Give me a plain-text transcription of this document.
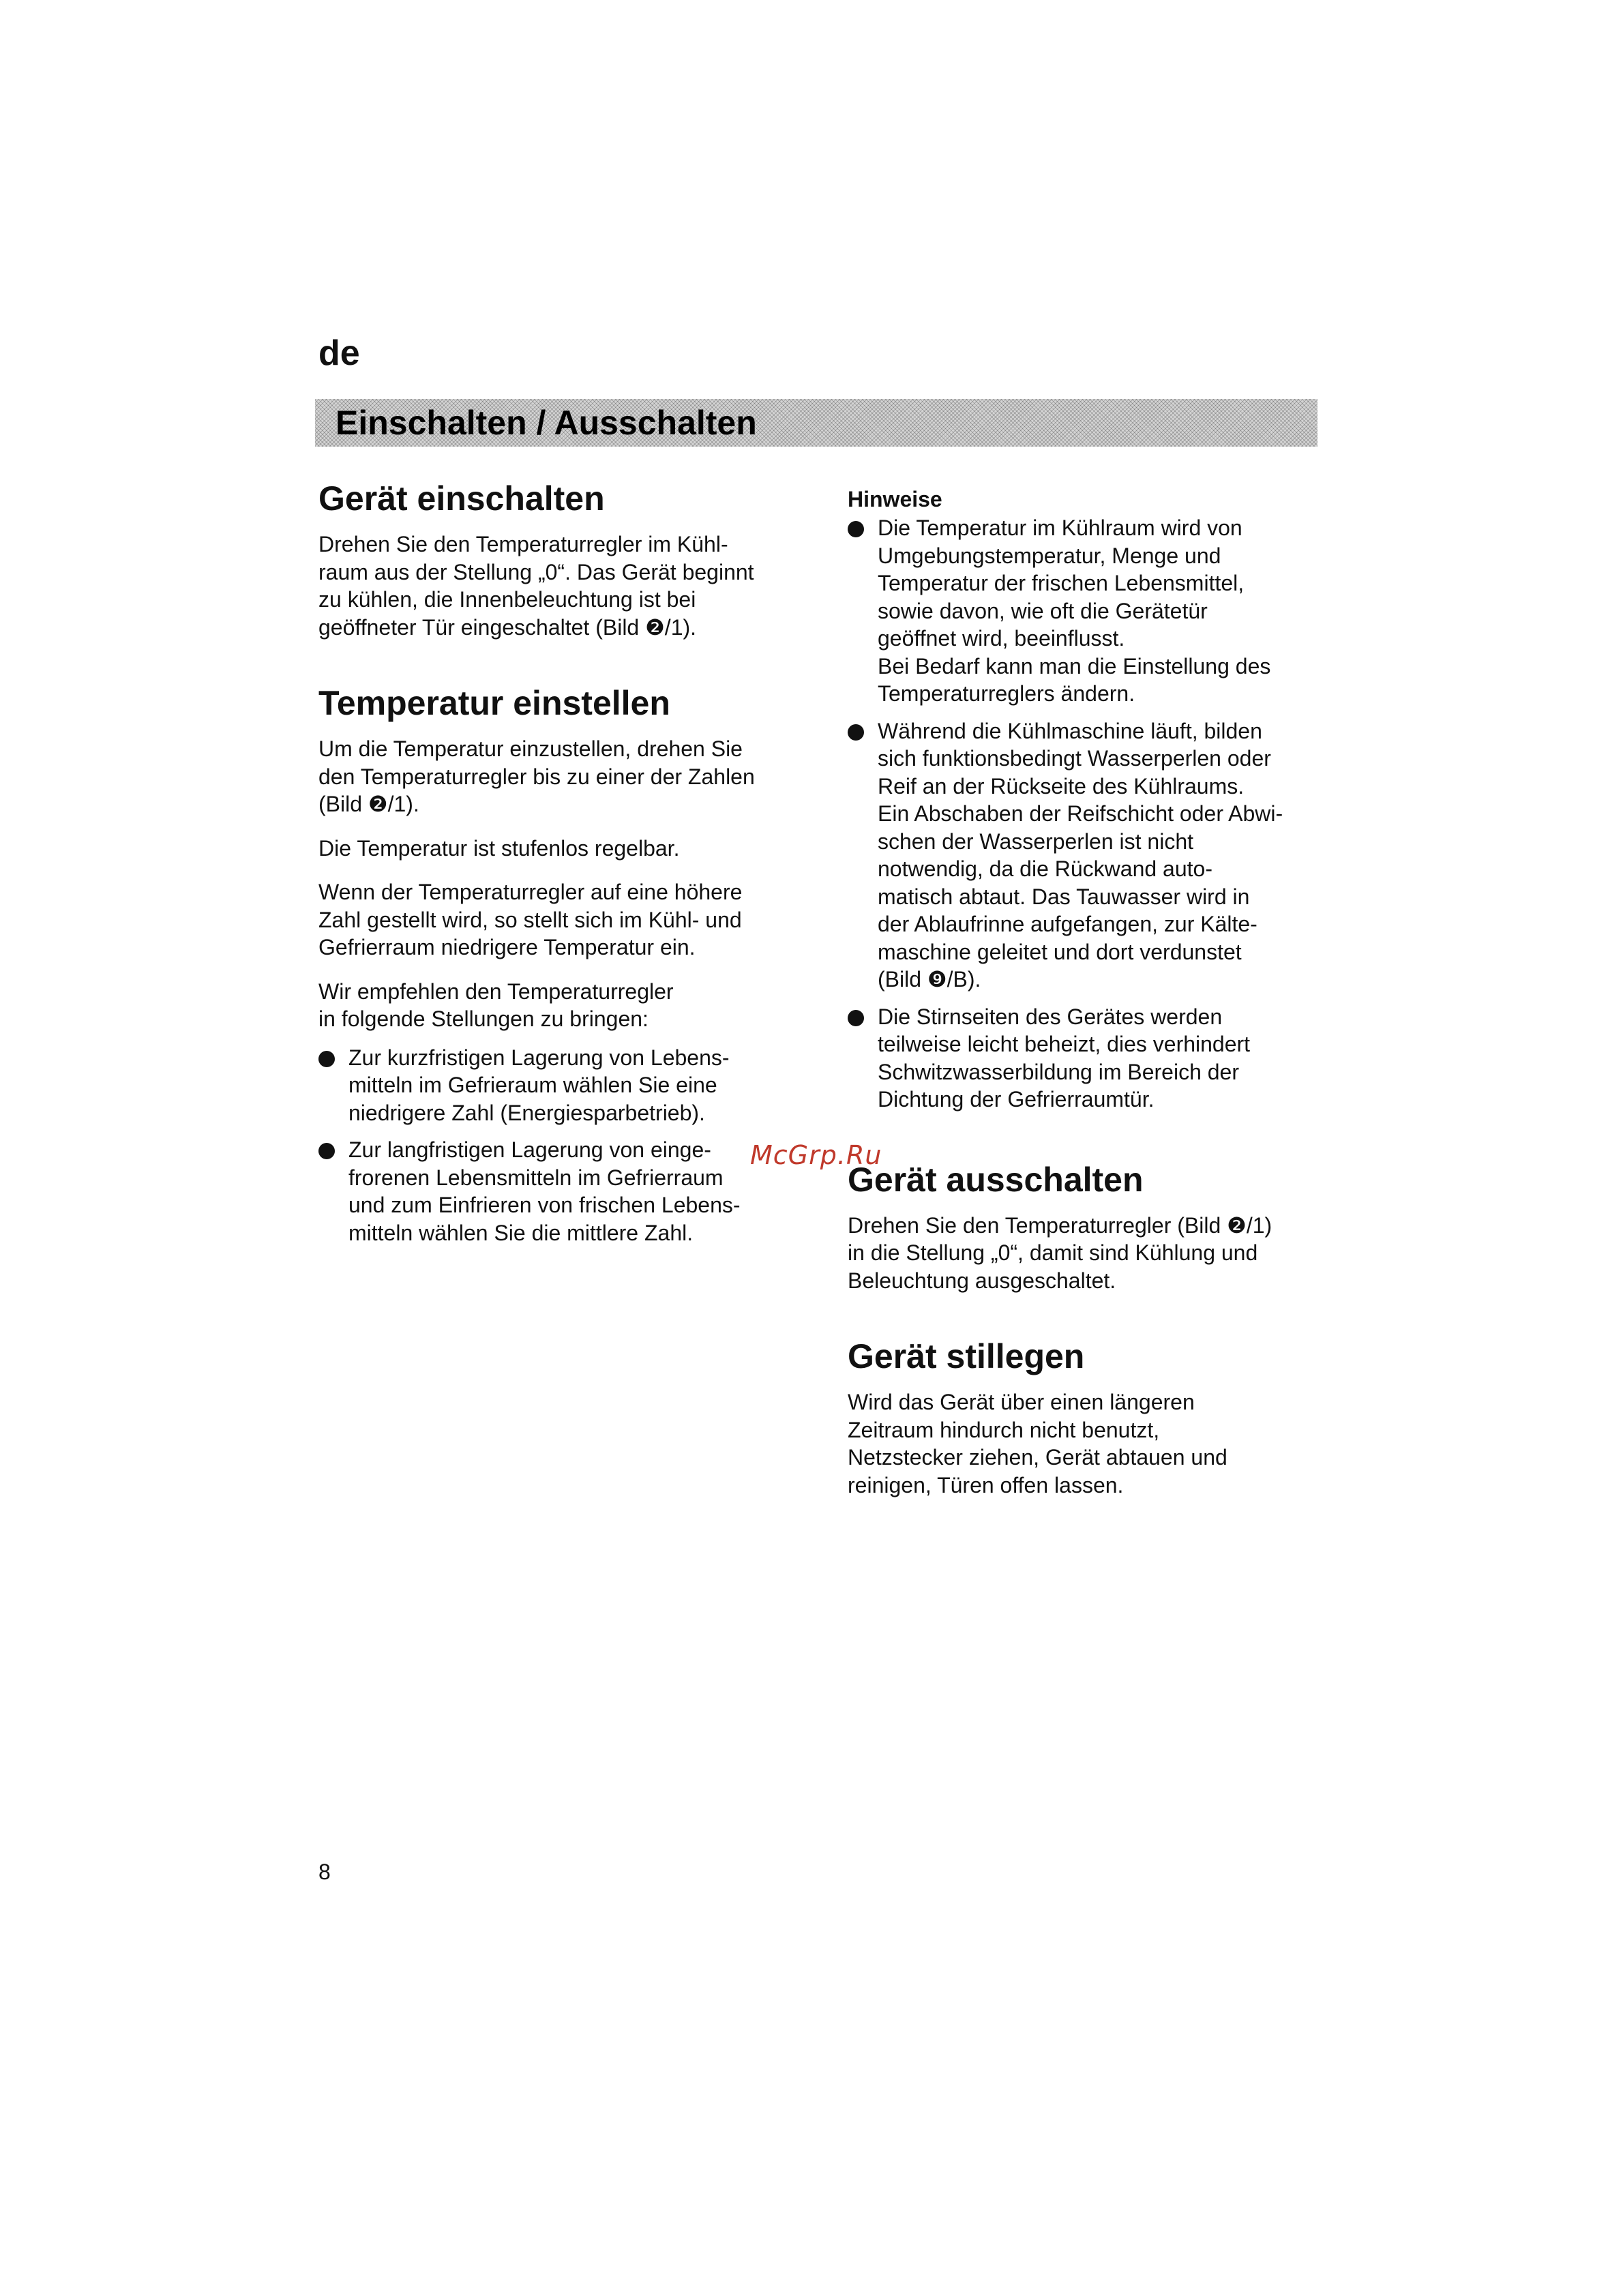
de
Einschalten / Ausschalten
Gerät einschalten

Drehen Sie den Temperaturregler im Kühl-
raum aus der Stellung „0“. Das Gerät beginnt
zu kühlen, die Innenbeleuchtung ist bei
geöffneter Tür eingeschaltet (Bild ❷/1).

Temperatur einstellen

Um die Temperatur einzustellen, drehen Sie
den Temperaturregler bis zu einer der Zahlen
(Bild ❷/1).

Die Temperatur ist stufenlos regelbar.

Wenn der Temperaturregler auf eine höhere
Zahl gestellt wird, so stellt sich im Kühl- und
Gefrierraum niedrigere Temperatur ein.

Wir empfehlen den Temperaturregler
in folgende Stellungen zu bringen:

Zur kurzfristigen Lagerung von Lebens-
mitteln im Gefrieraum wählen Sie eine
niedrigere Zahl (Energiesparbetrieb).
Zur langfristigen Lagerung von einge-
frorenen Lebensmitteln im Gefrierraum
und zum Einfrieren von frischen Lebens-
mitteln wählen Sie die mittlere Zahl.
Hinweise
Die Temperatur im Kühlraum wird von
Umgebungstemperatur, Menge und
Temperatur der frischen Lebensmittel,
sowie davon, wie oft die Gerätetür
geöffnet wird, beeinflusst.
Bei Bedarf kann man die Einstellung des
Temperaturreglers ändern.
Während die Kühlmaschine läuft, bilden
sich funktionsbedingt Wasserperlen oder
Reif an der Rückseite des Kühlraums.
Ein Abschaben der Reifschicht oder Abwi-
schen der Wasserperlen ist nicht
notwendig, da die Rückwand auto-
matisch abtaut. Das Tauwasser wird in
der Ablaufrinne aufgefangen, zur Kälte-
maschine geleitet und dort verdunstet
(Bild ❾/B).
Die Stirnseiten des Gerätes werden
teilweise leicht beheizt, dies verhindert
Schwitzwasserbildung im Bereich der
Dichtung der Gefrierraumtür.
Gerät ausschalten

Drehen Sie den Temperaturregler (Bild ❷/1)
in die Stellung „0“, damit sind Kühlung und
Beleuchtung ausgeschaltet.

Gerät stillegen

Wird das Gerät über einen längeren
Zeitraum hindurch nicht benutzt,
Netzstecker ziehen, Gerät abtauen und
reinigen, Türen offen lassen.

McGrp.Ru
8
